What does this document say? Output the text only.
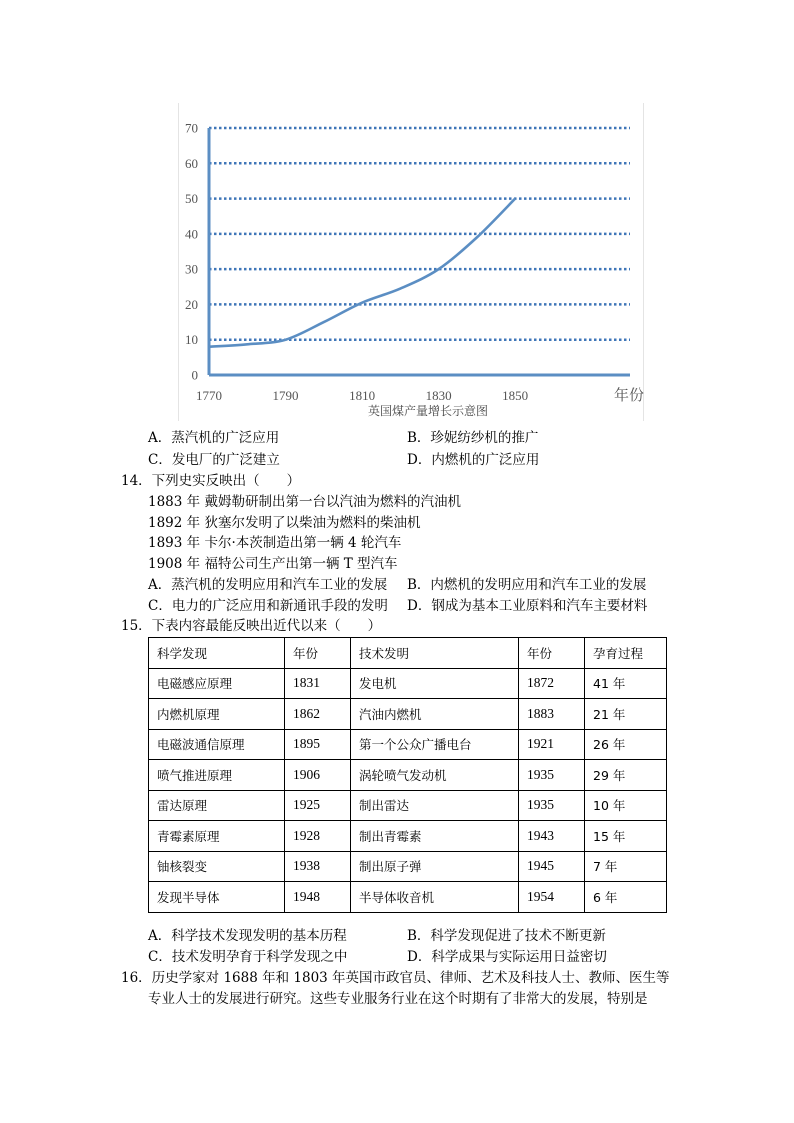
0
10
20
30
40
50
60
70
1770	1790	1810	1830	1850	年份
英国煤产量增长示意图
A．蒸汽机的广泛应用	B．珍妮纺纱机的推广
C．发电厂的广泛建立	D．内燃机的广泛应用
14．下列史实反映出（　　）
1883 年 戴姆勒研制出第一台以汽油为燃料的汽油机
1892 年 狄塞尔发明了以柴油为燃料的柴油机
1893 年 卡尔·本茨制造出第一辆 4 轮汽车
1908 年 福特公司生产出第一辆 T 型汽车
A．蒸汽机的发明应用和汽车工业的发展 B．内燃机的发明应用和汽车工业的发展
C．电力的广泛应用和新通讯手段的发明 D．钢成为基本工业原料和汽车主要材料
15．下表内容最能反映出近代以来（　　）
科学发现	年份	技术发明	年份	孕育过程
电磁感应原理	1831	发电机	1872	41 年
内燃机原理	1862	汽油内燃机	1883	21 年
电磁波通信原理	1895	第一个公众广播电台	1921	26 年
喷气推进原理	1906	涡轮喷气发动机	1935	29 年
雷达原理	1925	制出雷达	1935	10 年
青霉素原理	1928	制出青霉素	1943	15 年
铀核裂变	1938	制出原子弹	1945	7 年
发现半导体	1948	半导体收音机	1954	6 年
A．科学技术发现发明的基本历程	B．科学发现促进了技术不断更新
C．技术发明孕育于科学发现之中	D．科学成果与实际运用日益密切
16．历史学家对 1688 年和 1803 年英国市政官员、律师、艺术及科技人士、教师、医生等
专业人士的发展进行研究。这些专业服务行业在这个时期有了非常大的发展，特别是
